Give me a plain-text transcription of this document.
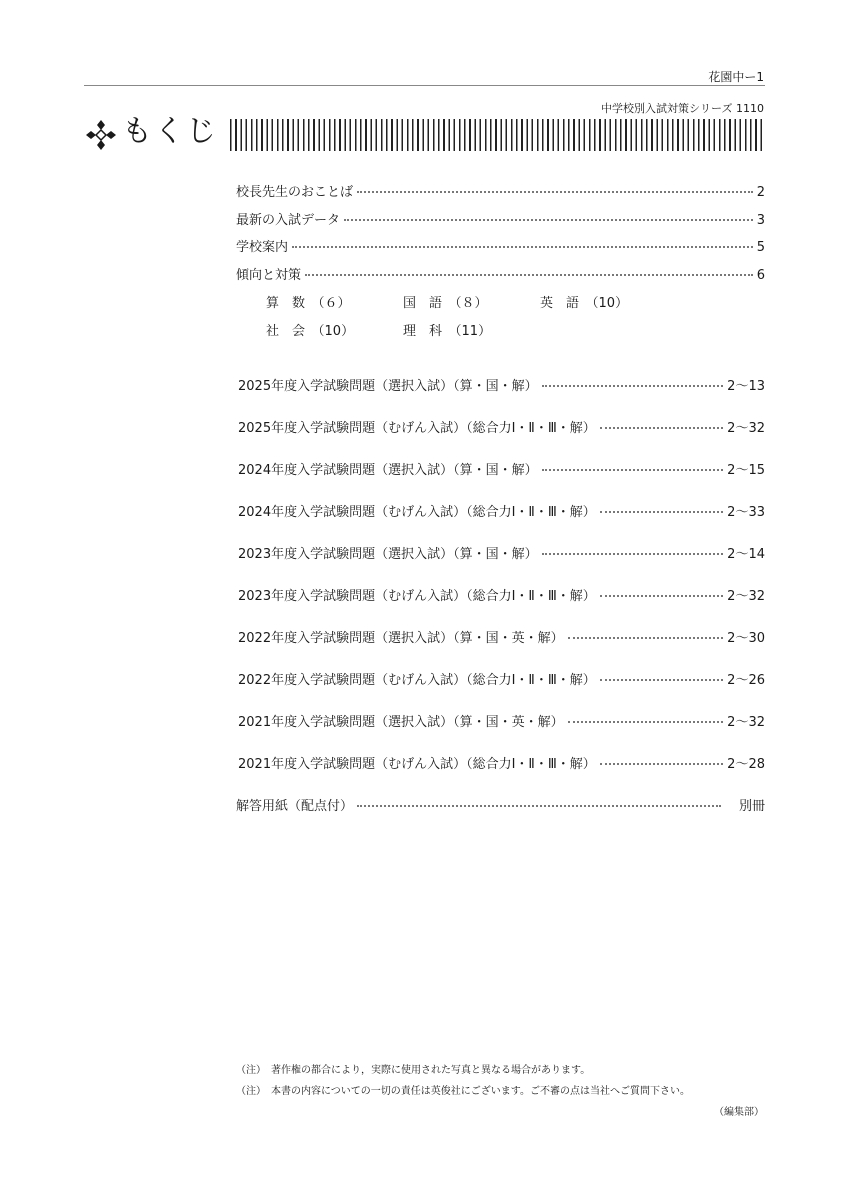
花園中ー1
中学校別入試対策シリーズ 1110
もくじ
校長先生のおことば	2
最新の入試データ	3
学校案内	5
傾向と対策	6
算　数　 （６）	国　語　 （８）	英　語　 （10）
社　会　 （10）	理　科　 （11）
2025年度入学試験問題（選択入試）（算・国・解）	2～13
2025年度入学試験問題（むげん入試）（総合力Ⅰ・Ⅱ・Ⅲ・解）	2～32
2024年度入学試験問題（選択入試）（算・国・解）	2～15
2024年度入学試験問題（むげん入試）（総合力Ⅰ・Ⅱ・Ⅲ・解）	2～33
2023年度入学試験問題（選択入試）（算・国・解）	2～14
2023年度入学試験問題（むげん入試）（総合力Ⅰ・Ⅱ・Ⅲ・解）	2～32
2022年度入学試験問題（選択入試）（算・国・英・解）	2～30
2022年度入学試験問題（むげん入試）（総合力Ⅰ・Ⅱ・Ⅲ・解）	2～26
2021年度入学試験問題（選択入試）（算・国・英・解）	2～32
2021年度入学試験問題（むげん入試）（総合力Ⅰ・Ⅱ・Ⅲ・解）	2～28
解答用紙（配点付）	別冊
（注）　著作権の都合により，実際に使用された写真と異なる場合があります。
（注）　本書の内容についての一切の責任は英俊社にございます。ご不審の点は当社へご質問下さい。
（編集部）
